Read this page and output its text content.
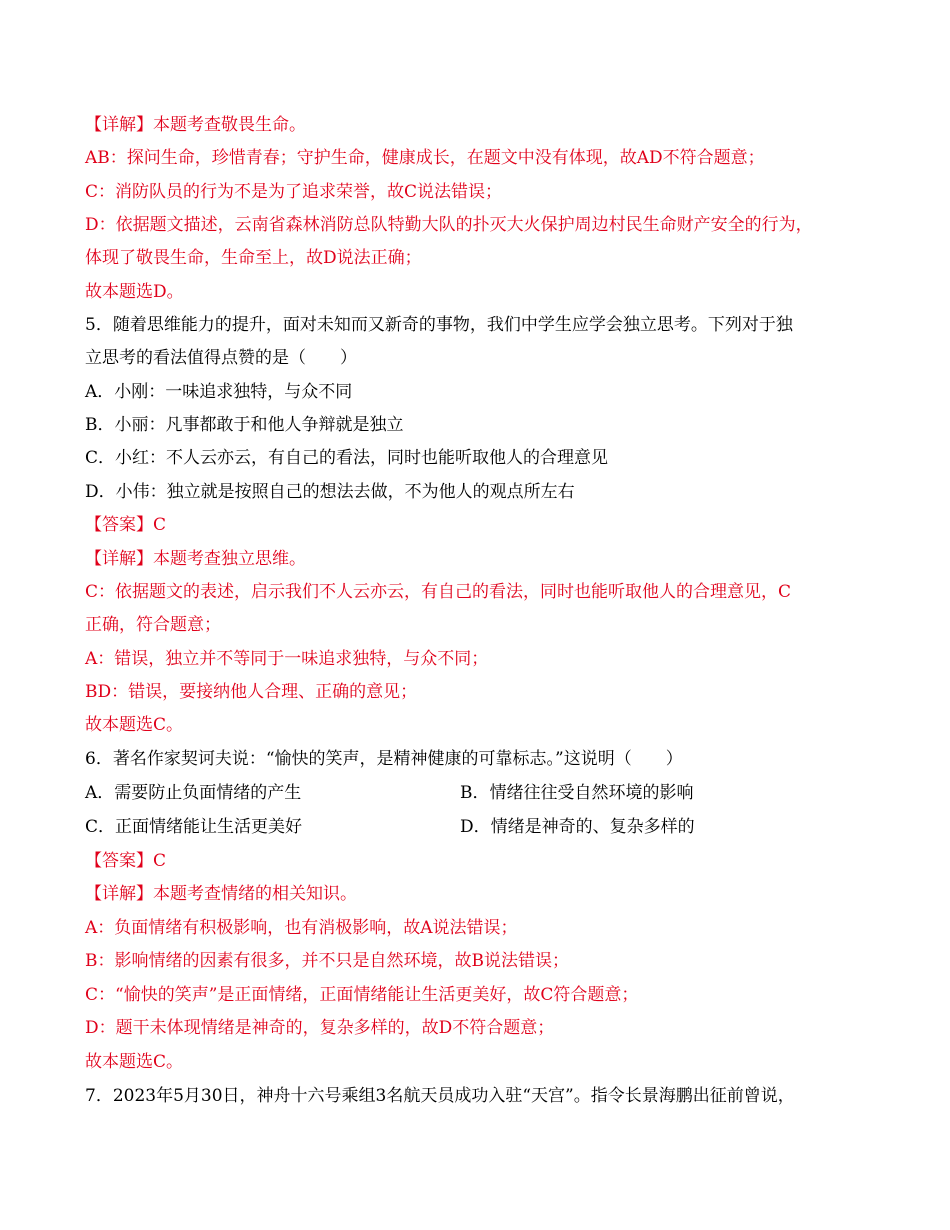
【详解】本题考查敬畏生命。
AB：探问生命，珍惜青春；守护生命，健康成长，在题文中没有体现，故AD不符合题意；
C：消防队员的行为不是为了追求荣誉，故C说法错误；
D：依据题文描述，云南省森林消防总队特勤大队的扑灭大火保护周边村民生命财产安全的行为，
体现了敬畏生命，生命至上，故D说法正确；
故本题选D。
5．随着思维能力的提升，面对未知而又新奇的事物，我们中学生应学会独立思考。下列对于独
立思考的看法值得点赞的是（　　）
A．小刚：一味追求独特，与众不同
B．小丽：凡事都敢于和他人争辩就是独立
C．小红：不人云亦云，有自己的看法，同时也能听取他人的合理意见
D．小伟：独立就是按照自己的想法去做，不为他人的观点所左右
【答案】C
【详解】本题考查独立思维。
C：依据题文的表述，启示我们不人云亦云，有自己的看法，同时也能听取他人的合理意见，C
正确，符合题意；
A：错误，独立并不等同于一味追求独特，与众不同；
BD：错误，要接纳他人合理、正确的意见；
故本题选C。
6．著名作家契诃夫说：“愉快的笑声，是精神健康的可靠标志。”这说明（　　）
A．需要防止负面情绪的产生	B．情绪往往受自然环境的影响
C．正面情绪能让生活更美好	D．情绪是神奇的、复杂多样的
【答案】C
【详解】本题考查情绪的相关知识。
A：负面情绪有积极影响，也有消极影响，故A说法错误；
B：影响情绪的因素有很多，并不只是自然环境，故B说法错误；
C：“愉快的笑声”是正面情绪，正面情绪能让生活更美好，故C符合题意；
D：题干未体现情绪是神奇的，复杂多样的，故D不符合题意；
故本题选C。
7．2023年5月30日，神舟十六号乘组3名航天员成功入驻“天宫”。指令长景海鹏出征前曾说，
